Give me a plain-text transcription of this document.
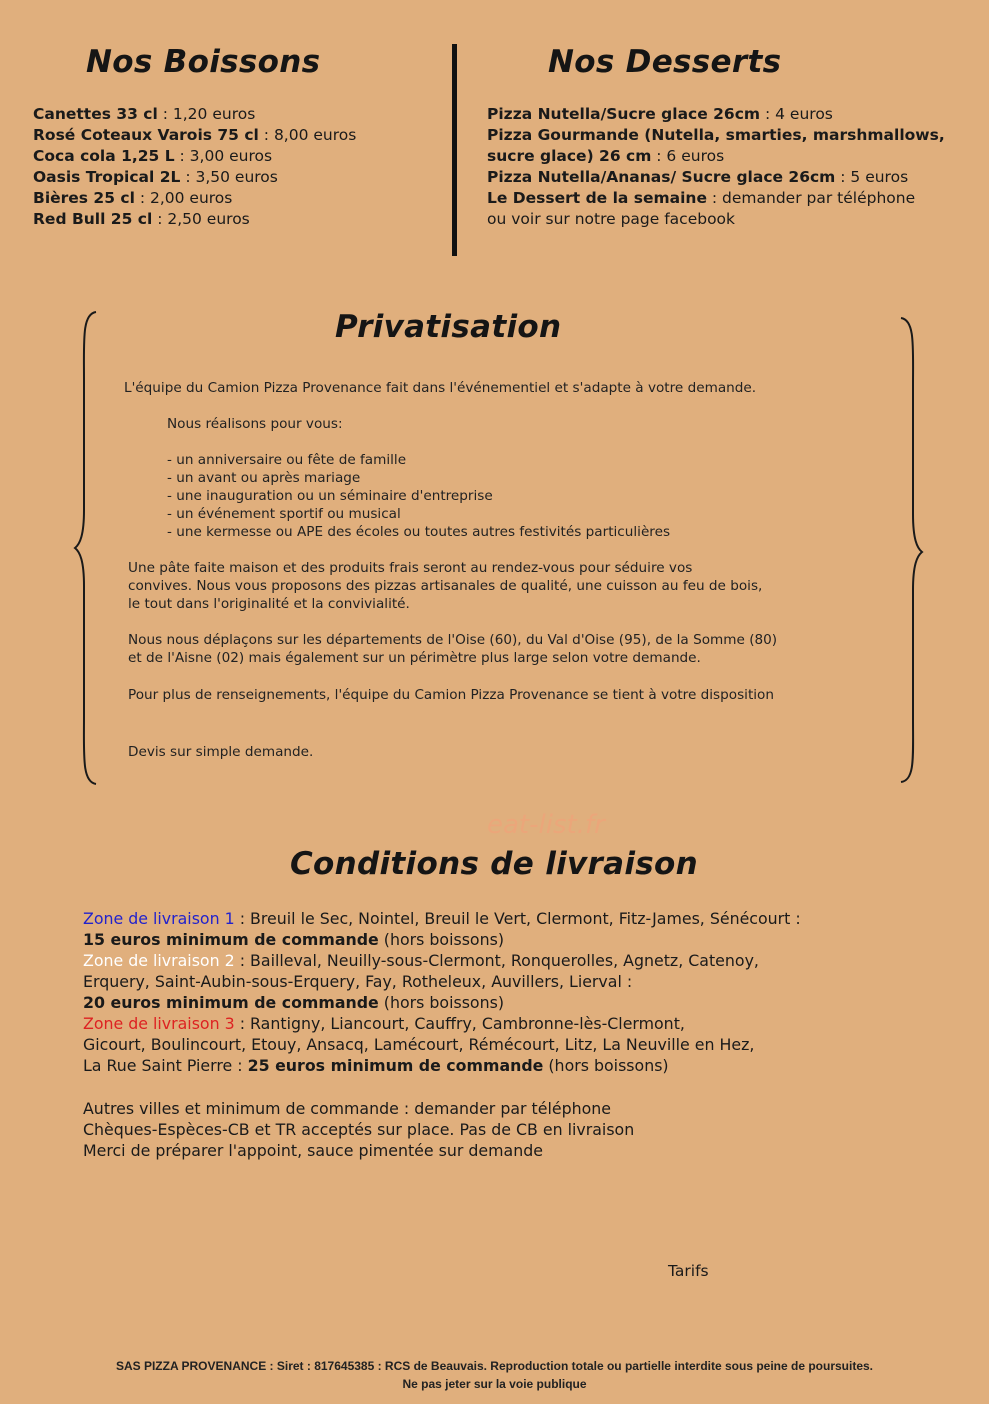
Nos Boissons
Canettes 33 cl : 1,20 euros
Rosé Coteaux Varois 75 cl : 8,00 euros
Coca cola 1,25 L : 3,00 euros
Oasis Tropical 2L : 3,50 euros
Bières 25 cl : 2,00 euros
Red Bull 25 cl : 2,50 euros
Nos Desserts
Pizza Nutella/Sucre glace 26cm : 4 euros
Pizza Gourmande (Nutella, smarties, marshmallows,
sucre glace) 26 cm : 6 euros
Pizza Nutella/Ananas/ Sucre glace 26cm : 5 euros
Le Dessert de la semaine : demander par téléphone
ou voir sur notre page facebook
Privatisation
L'équipe du Camion Pizza Provenance fait dans l'événementiel et s'adapte à votre demande.
Nous réalisons pour vous:

- un anniversaire ou fête de famille

- un avant ou après mariage

- une inauguration ou un séminaire d'entreprise

- un événement sportif ou musical

- une kermesse ou APE des écoles ou toutes autres festivités particulières

Une pâte faite maison et des produits frais seront au rendez-vous pour séduire vos

convives. Nous vous proposons des pizzas artisanales de qualité, une cuisson au feu de bois,

le tout dans l'originalité et la convivialité.

Nous nous déplaçons sur les départements de l'Oise (60), du Val d'Oise (95), de la Somme (80)

et de l'Aisne (02) mais également sur un périmètre plus large selon votre demande.

Pour plus de renseignements, l'équipe du Camion Pizza Provenance se tient à votre disposition
Devis sur simple demande.
eat-list.fr
Conditions de livraison
Zone de livraison 1 : Breuil le Sec, Nointel, Breuil le Vert, Clermont, Fitz-James, Sénécourt :
15 euros minimum de commande (hors boissons)
Zone de livraison 2 : Bailleval, Neuilly-sous-Clermont, Ronquerolles, Agnetz, Catenoy,
Erquery, Saint-Aubin-sous-Erquery, Fay, Rotheleux, Auvillers, Lierval :
20 euros minimum de commande (hors boissons)
Zone de livraison 3 : Rantigny, Liancourt, Cauffry, Cambronne-lès-Clermont,
Gicourt, Boulincourt, Etouy, Ansacq, Lamécourt, Rémécourt, Litz, La Neuville en Hez,
La Rue Saint Pierre : 25 euros minimum de commande (hors boissons)
Autres villes et minimum de commande : demander par téléphone
Chèques-Espèces-CB et TR acceptés sur place. Pas de CB en livraison
Merci de préparer l'appoint, sauce pimentée sur demande
Tarifs
SAS PIZZA PROVENANCE : Siret : 817645385 : RCS de Beauvais. Reproduction totale ou partielle interdite sous peine de poursuites.
Ne pas jeter sur la voie publique
